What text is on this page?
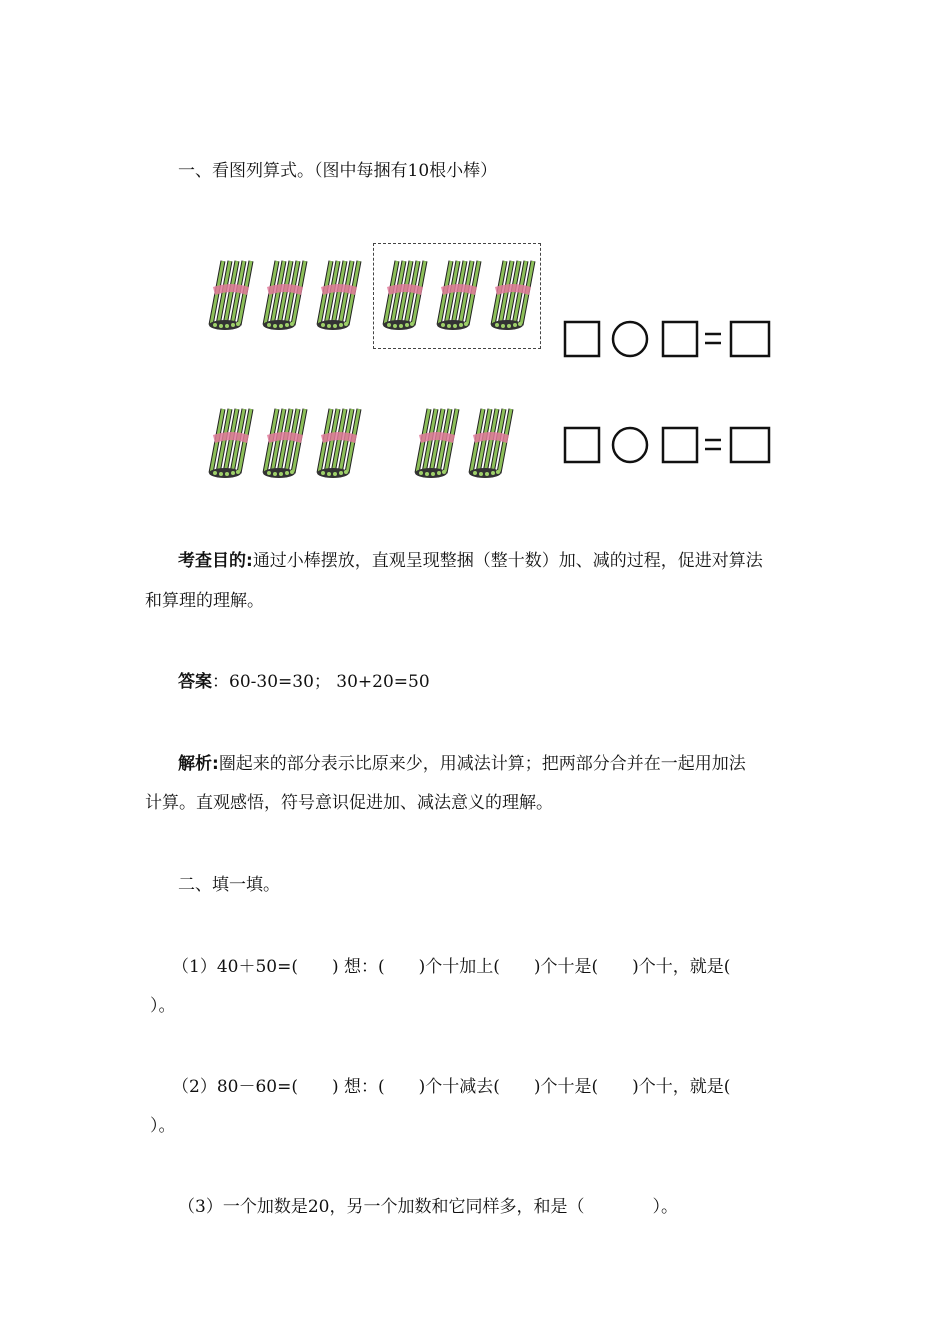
一、看图列算式。（图中每捆有10根小棒）
考查目的:通过小棒摆放，直观呈现整捆（整十数）加、减的过程，促进对算法
和算理的理解。
答案：60-30=30； 30+20=50
解析:圈起来的部分表示比原来少，用减法计算；把两部分合并在一起用加法
计算。直观感悟，符号意识促进加、减法意义的理解。
二、填一填。
（1）40＋50=(　　) 想：(　　)个十加上(　　)个十是(　　)个十，就是(
）。
（2）80－60=(　　) 想：(　　)个十减去(　　)个十是(　　)个十，就是(
）。
（3）一个加数是20，另一个加数和它同样多，和是（　　　　）。
